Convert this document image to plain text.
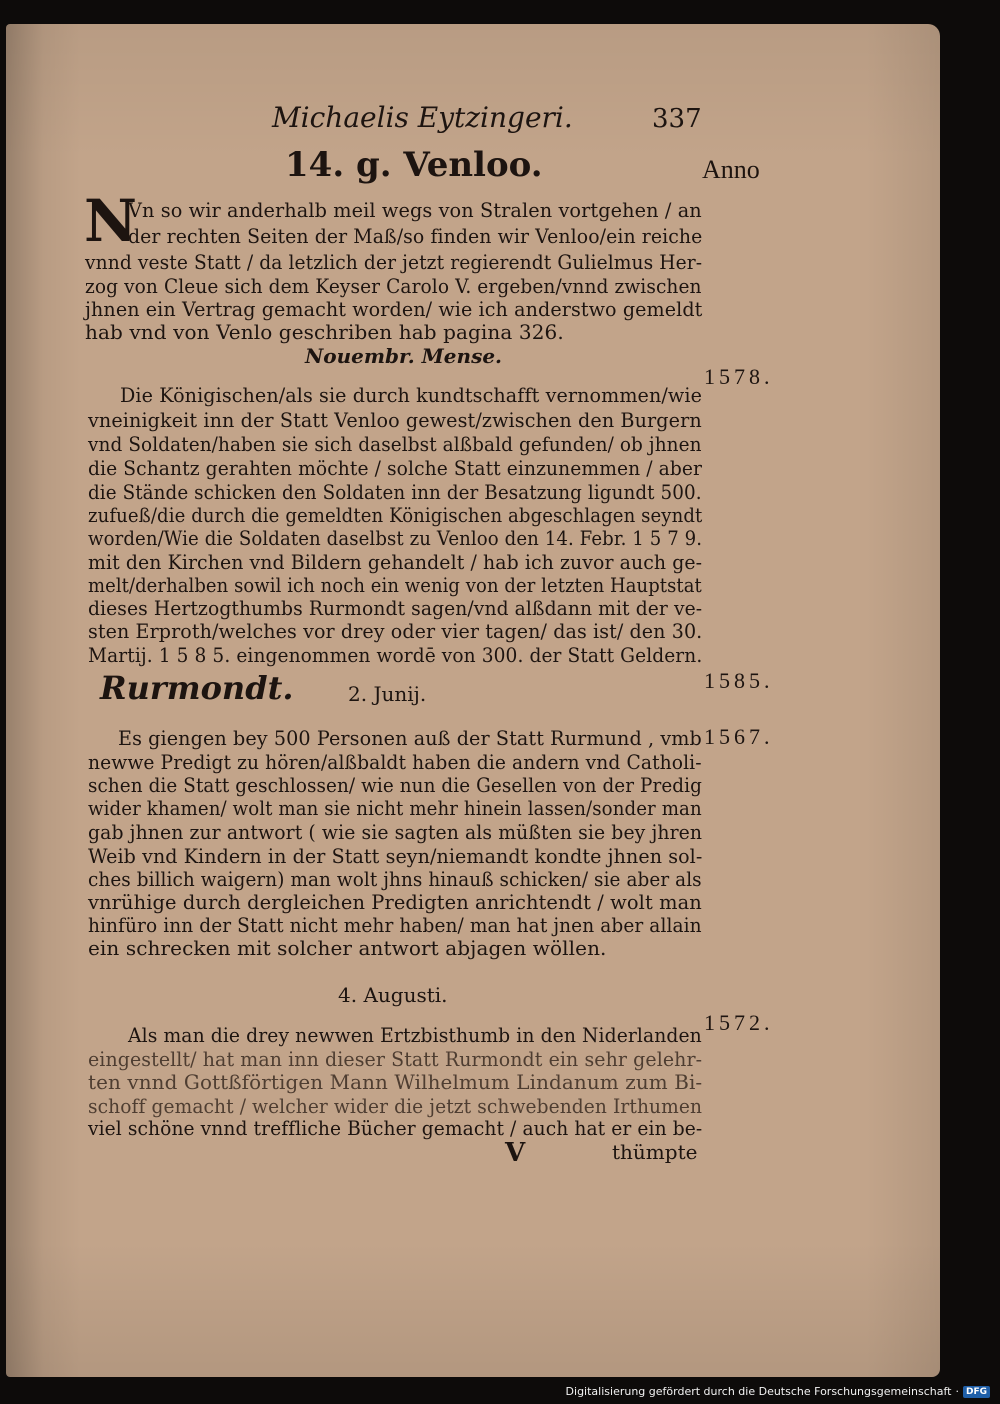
Michaelis Eytzingeri.	337
14. g. Venloo.	Anno
1578.
1585.
1567.
1572.
N
Vn so wir anderhalb meil wegs von Stralen vortgehen / an
der rechten Seiten der Maß/so finden wir Venloo/ein reiche
vnnd veste Statt / da letzlich der jetzt regierendt Gulielmus Her-
zog von Cleue sich dem Keyser Carolo V. ergeben/vnnd zwischen
jhnen ein Vertrag gemacht worden/ wie ich anderstwo gemeldt
hab vnd von Venlo geschriben hab pagina 326.
Nouembr. Mense.
Die Königischen/als sie durch kundtschafft vernommen/wie
vneinigkeit inn der Statt Venloo gewest/zwischen den Burgern
vnd Soldaten/haben sie sich daselbst alßbald gefunden/ ob jhnen
die Schantz gerahten möchte / solche Statt einzunemmen / aber
die Stände schicken den Soldaten inn der Besatzung ligundt 500.
zufueß/die durch die gemeldten Königischen abgeschlagen seyndt
worden/Wie die Soldaten daselbst zu Venloo den 14. Febr. 1 5 7 9.
mit den Kirchen vnd Bildern gehandelt / hab ich zuvor auch ge-
melt/derhalben sowil ich noch ein wenig von der letzten Hauptstat
dieses Hertzogthumbs Rurmondt sagen/vnd alßdann mit der ve-
sten Erproth/welches vor drey oder vier tagen/ das ist/ den 30.
Martij. 1 5 8 5. eingenommen wordē von 300. der Statt Geldern.
Rurmondt.	2. Junij.
Es giengen bey 500 Personen auß der Statt Rurmund , vmb
newwe Predigt zu hören/alßbaldt haben die andern vnd Catholi-
schen die Statt geschlossen/ wie nun die Gesellen von der Predig
wider khamen/ wolt man sie nicht mehr hinein lassen/sonder man
gab jhnen zur antwort ( wie sie sagten als müßten sie bey jhren
Weib vnd Kindern in der Statt seyn/niemandt kondte jhnen sol-
ches billich waigern) man wolt jhns hinauß schicken/ sie aber als
vnrühige durch dergleichen Predigten anrichtendt / wolt man
hinfüro inn der Statt nicht mehr haben/ man hat jnen aber allain
ein schrecken mit solcher antwort abjagen wöllen.
4. Augusti.
Als man die drey newwen Ertzbisthumb in den Niderlanden
eingestellt/ hat man inn dieser Statt Rurmondt ein sehr gelehr-
ten vnnd Gottßförtigen Mann Wilhelmum Lindanum zum Bi-
schoff gemacht / welcher wider die jetzt schwebenden Irthumen
viel schöne vnnd treffliche Bücher gemacht / auch hat er ein be-
V	thümpte
Digitalisierung gefördert durch die Deutsche Forschungsgemeinschaft · DFG
